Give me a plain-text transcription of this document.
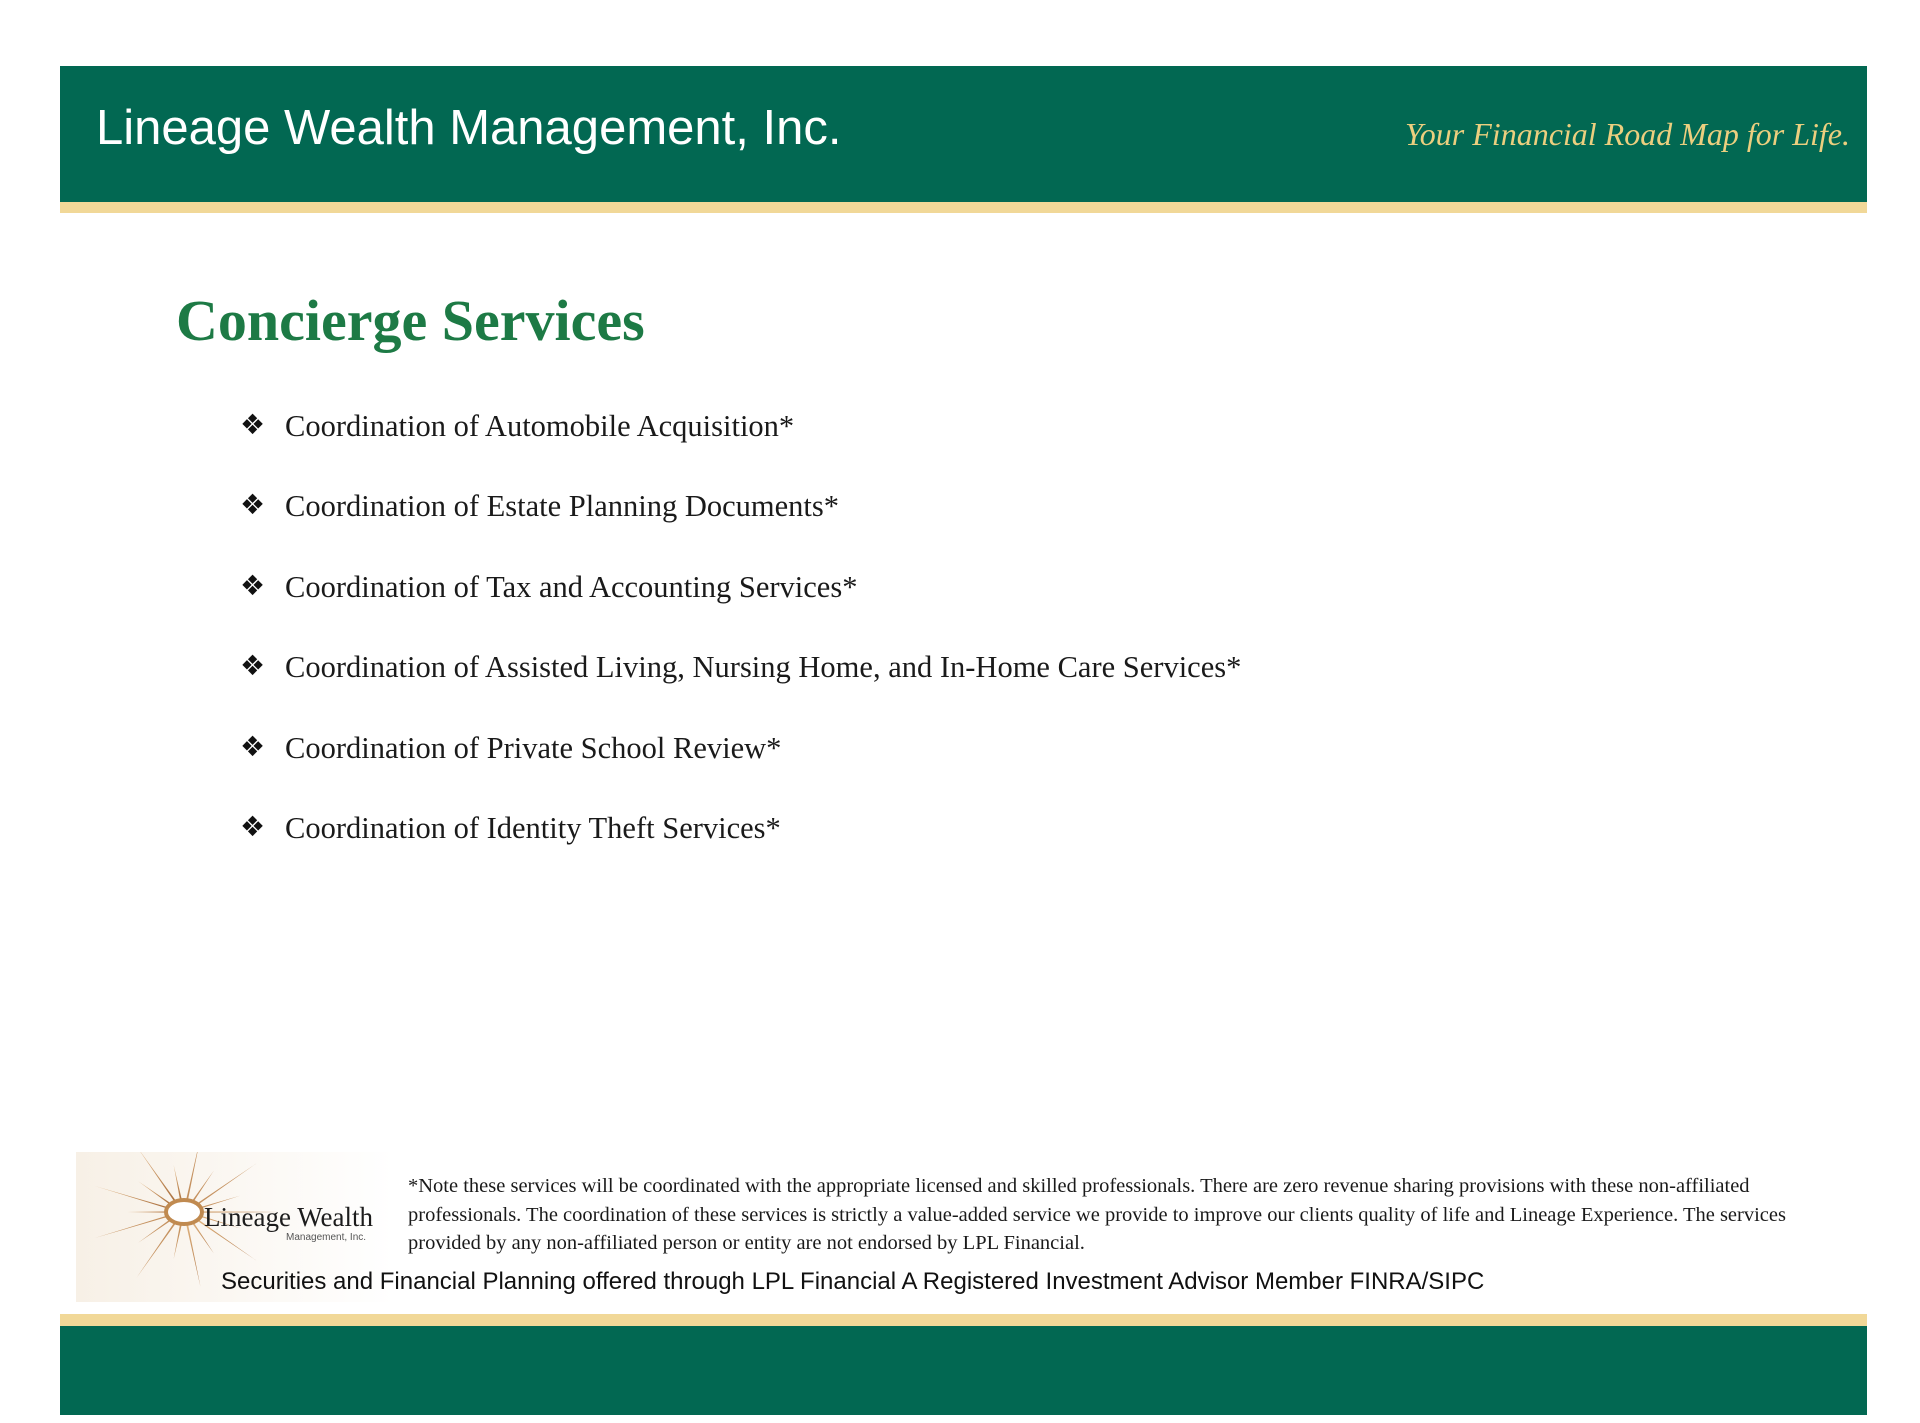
Lineage Wealth Management, Inc.	Your Financial Road Map for Life.
Concierge Services
❖ Coordination of Automobile Acquisition*
❖ Coordination of Estate Planning Documents*
❖ Coordination of Tax and Accounting Services*
❖ Coordination of Assisted Living, Nursing Home, and In-Home Care Services*
❖ Coordination of Private School Review*
❖ Coordination of Identity Theft Services*
Lineage Wealth
Management, Inc.
*Note these services will be coordinated with the appropriate licensed and skilled professionals. There are zero revenue sharing provisions with these non-affiliated professionals. The coordination of these services is strictly a value-added service we provide to improve our clients quality of life and Lineage Experience. The services provided by any non-affiliated person or entity are not endorsed by LPL Financial.
Securities and Financial Planning offered through LPL Financial A Registered Investment Advisor Member FINRA/SIPC
